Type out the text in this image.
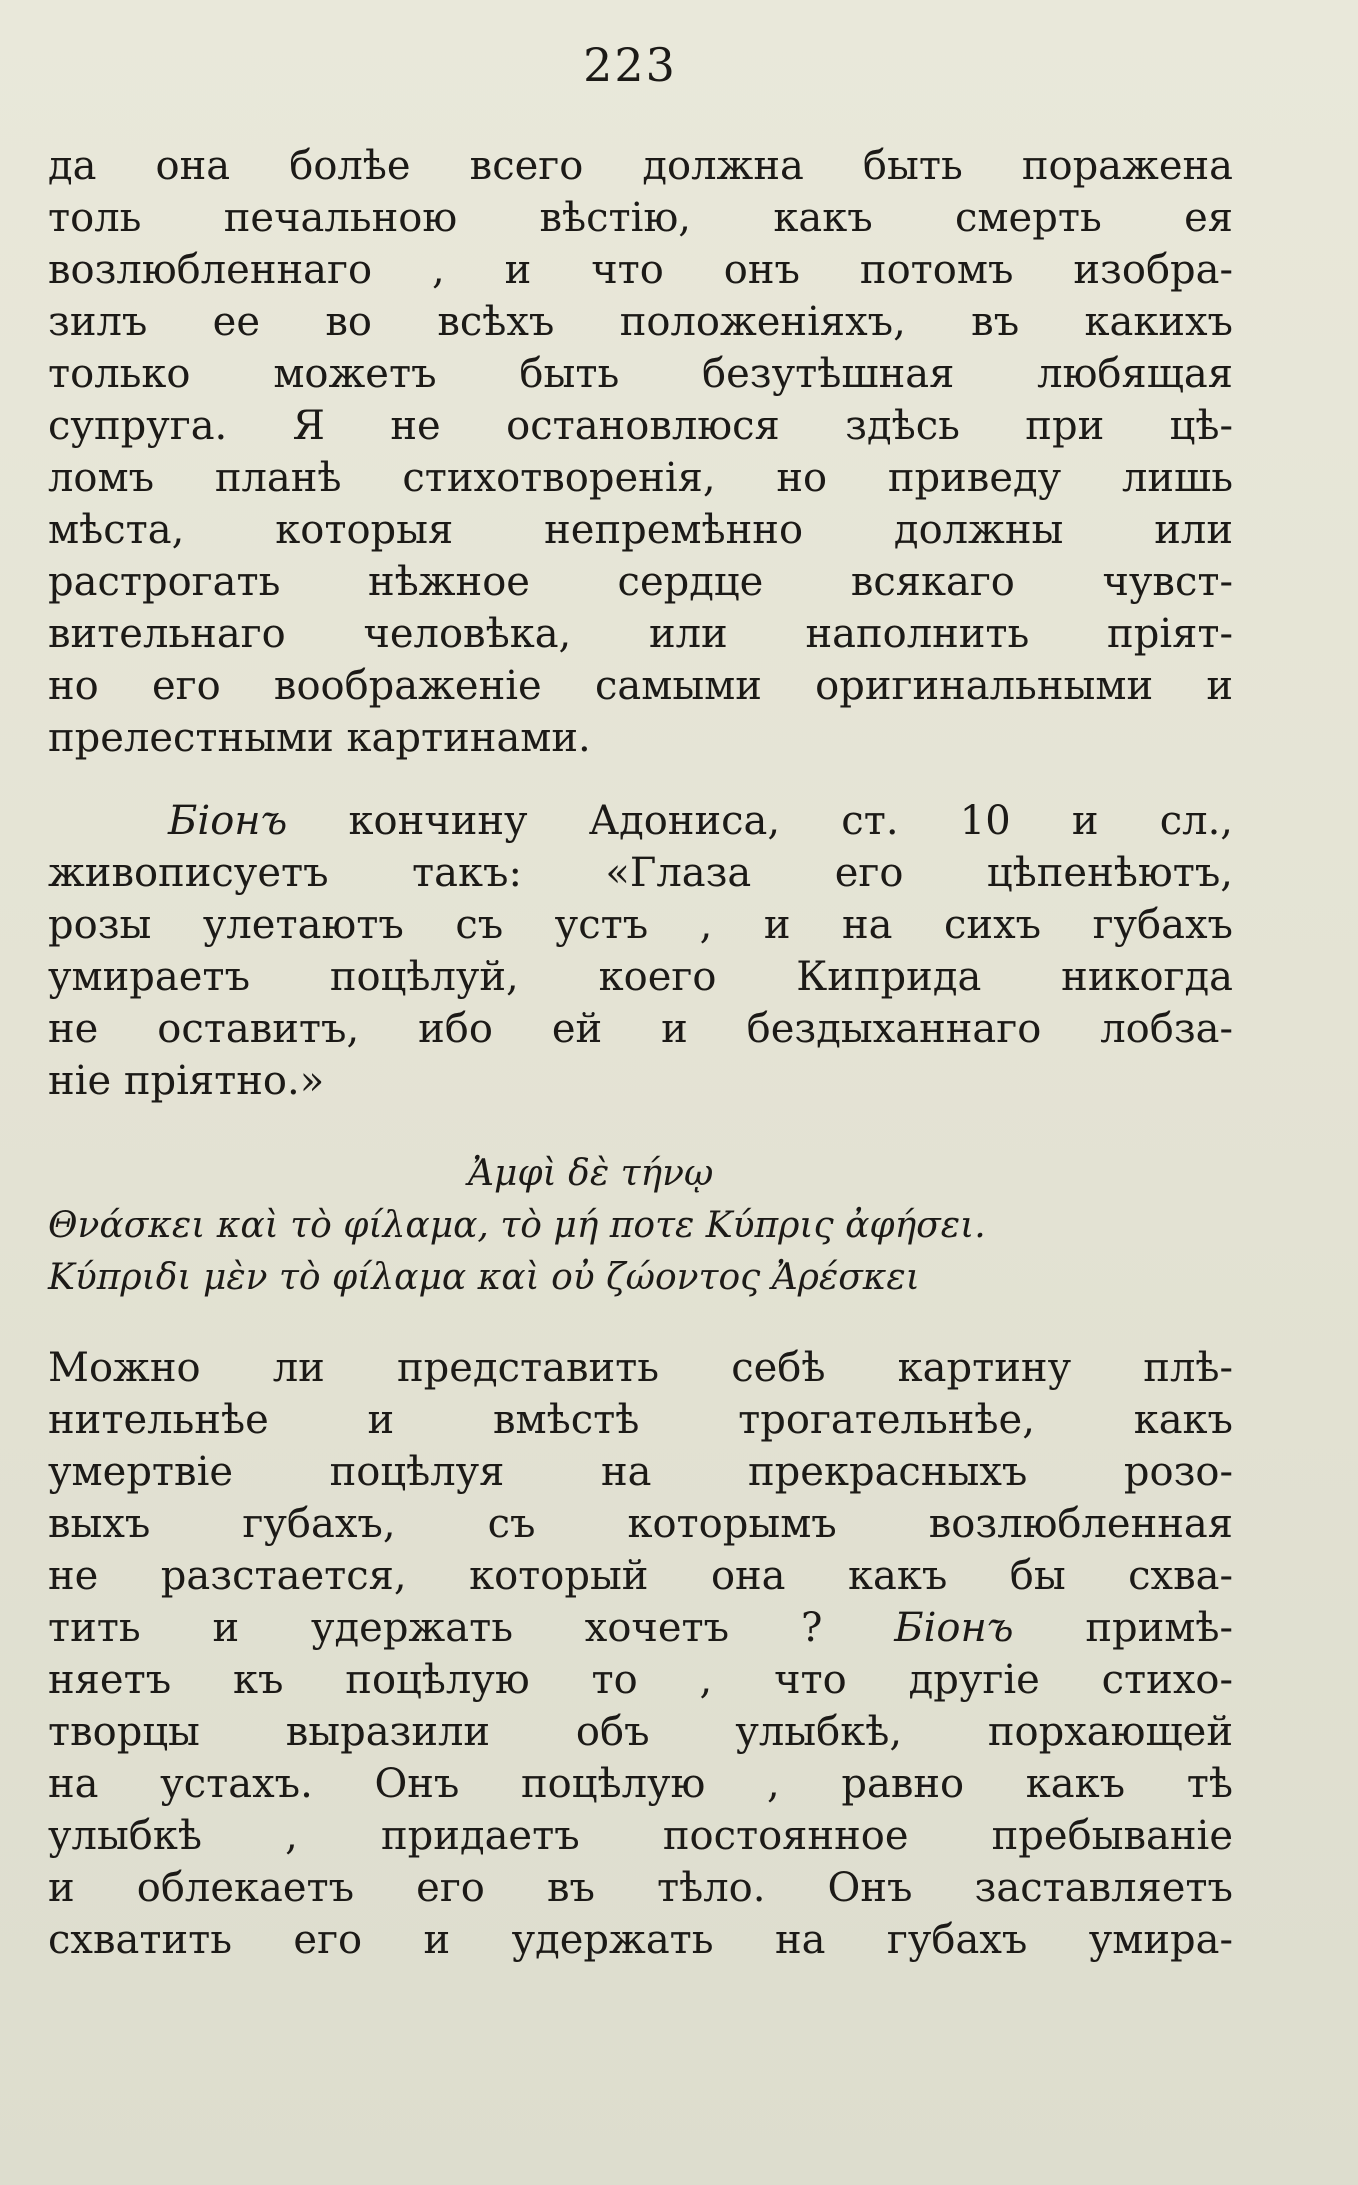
223
да она болѣе всего должна быть поражена
толь печальною вѣстію, какъ смерть ея
возлюбленнаго , и что онъ потомъ изобра-
зилъ ее во всѣхъ положеніяхъ, въ какихъ
только можетъ быть безутѣшная любящая
супруга. Я не остановлюся здѣсь при цѣ-
ломъ планѣ стихотворенія, но приведу лишь
мѣста, которыя непремѣнно должны или
растрогать нѣжное сердце всякаго чувст-
вительнаго человѣка, или наполнить пріят-
но его воображеніе самыми оригинальными и
прелестными картинами.
Біонъ кончину Адониса, ст. 10 и сл.,
живописуетъ такъ: «Глаза его цѣпенѣютъ,
розы улетаютъ съ устъ , и на сихъ губахъ
умираетъ поцѣлуй, коего Киприда никогда
не оставитъ, ибо ей и бездыханнаго лобза-
ніе пріятно.»
Ἀμφὶ δὲ τήνῳ
Θνάσκει καὶ τὸ φίλαμα, τὸ μή ποτε Κύπρις ἀφήσει.
Κύπριδι μὲν τὸ φίλαμα καὶ οὐ ζώοντος Ἀρέσκει
Можно ли представить себѣ картину плѣ-
нительнѣе и вмѣстѣ трогательнѣе, какъ
умертвіе поцѣлуя на прекрасныхъ розо-
выхъ губахъ, съ которымъ возлюбленная
не разстается, который она какъ бы схва-
тить и удержать хочетъ ? Біонъ примѣ-
няетъ къ поцѣлую то , что другіе стихо-
творцы выразили объ улыбкѣ, порхающей
на устахъ. Онъ поцѣлую , равно какъ тѣ
улыбкѣ , придаетъ постоянное пребываніе
и облекаетъ его въ тѣло. Онъ заставляетъ
схватить его и удержать на губахъ умира-
